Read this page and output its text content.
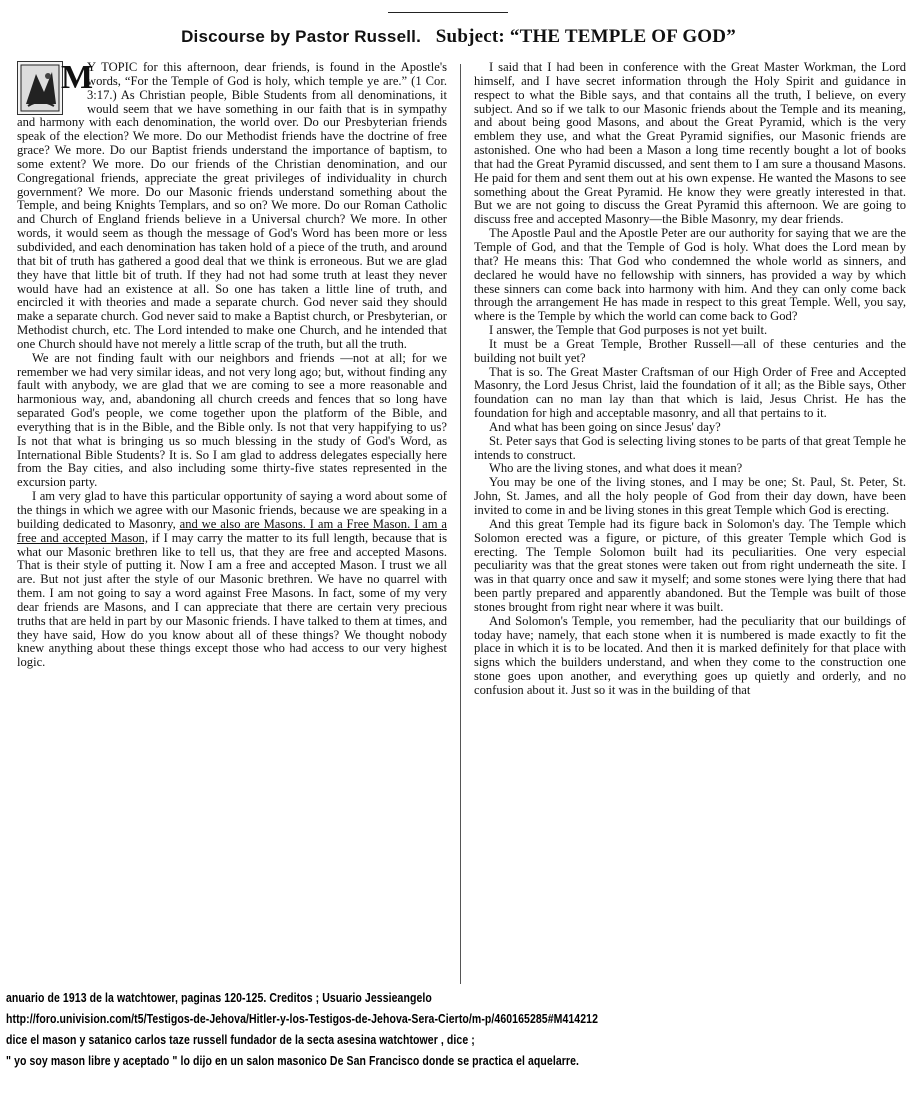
Discourse by Pastor Russell. Subject: “THE TEMPLE OF GOD”
M

Y TOPIC for this afternoon, dear friends, is found in the Apostle's words, “For the Temple of God is holy, which temple ye are.” (1 Cor. 3:17.) As Christian people, Bible Students from all denominations, it would seem that we have something in our faith that is in sympathy and harmony with each denomination, the world over. Do our Presbyterian friends speak of the election? We more. Do our Methodist friends have the doctrine of free grace? We more. Do our Baptist friends understand the importance of baptism, to some extent? We more. Do our friends of the Christian denomination, and our Congregational friends, appreciate the great privileges of individuality in church government? We more. Do our Masonic friends understand something about the Temple, and being Knights Templars, and so on? We more. Do our Roman Catholic and Church of England friends believe in a Universal church? We more. In other words, it would seem as though the message of God's Word has been more or less subdivided, and each denomination has taken hold of a piece of the truth, and around that bit of truth has gathered a good deal that we think is erroneous. But we are glad they have that little bit of truth. If they had not had some truth at least they never would have had an existence at all. So one has taken a little line of truth, and encircled it with theories and made a separate church. God never said they should make a separate church. God never said to make a Baptist church, or Presbyterian, or Methodist church, etc. The Lord intended to make one Church, and he intended that one Church should have not merely a little scrap of the truth, but all the truth.

We are not finding fault with our neighbors and friends —not at all; for we remember we had very similar ideas, and not very long ago; but, without finding any fault with anybody, we are glad that we are coming to see a more reasonable and harmonious way, and, abandoning all church creeds and fences that so long have separated God's people, we come together upon the platform of the Bible, and everything that is in the Bible, and the Bible only. Is not that very happifying to us? Is not that what is bringing us so much blessing in the study of God's Word, as International Bible Students? It is. So I am glad to address delegates especially here from the Bay cities, and also including some thirty-five states represented in the excursion party.

I am very glad to have this particular opportunity of saying a word about some of the things in which we agree with our Masonic friends, because we are speaking in a building dedicated to Masonry, and we also are Masons. I am a Free Mason. I am a free and accepted Mason, if I may carry the matter to its full length, because that is what our Masonic brethren like to tell us, that they are free and accepted Masons. That is their style of putting it. Now I am a free and accepted Mason. I trust we all are. But not just after the style of our Masonic brethren. We have no quarrel with them. I am not going to say a word against Free Masons. In fact, some of my very dear friends are Masons, and I can appreciate that there are certain very precious truths that are held in part by our Masonic friends. I have talked to them at times, and they have said, How do you know about all of these things? We thought nobody knew anything about these things except those who had access to our very highest logic.

I said that I had been in conference with the Great Master Workman, the Lord himself, and I have secret information through the Holy Spirit and guidance in respect to what the Bible says, and that contains all the truth, I believe, on every subject. And so if we talk to our Masonic friends about the Temple and its meaning, and about being good Masons, and about the Great Pyramid, which is the very emblem they use, and what the Great Pyramid signifies, our Masonic friends are astonished. One who had been a Mason a long time recently bought a lot of books that had the Great Pyramid discussed, and sent them to I am sure a thousand Masons. He paid for them and sent them out at his own expense. He wanted the Masons to see something about the Great Pyramid. He know they were greatly interested in that. But we are not going to discuss the Great Pyramid this afternoon. We are going to discuss free and accepted Masonry—the Bible Masonry, my dear friends.

The Apostle Paul and the Apostle Peter are our authority for saying that we are the Temple of God, and that the Temple of God is holy. What does the Lord mean by that? He means this: That God who condemned the whole world as sinners, and declared he would have no fellowship with sinners, has provided a way by which these sinners can come back into harmony with him. And they can only come back through the arrangement He has made in respect to this great Temple. Well, you say, where is the Temple by which the world can come back to God?

I answer, the Temple that God purposes is not yet built.

It must be a Great Temple, Brother Russell—all of these centuries and the building not built yet?

That is so. The Great Master Craftsman of our High Order of Free and Accepted Masonry, the Lord Jesus Christ, laid the foundation of it all; as the Bible says, Other foundation can no man lay than that which is laid, Jesus Christ. He has the foundation for high and acceptable masonry, and all that pertains to it.

And what has been going on since Jesus' day?

St. Peter says that God is selecting living stones to be parts of that great Temple he intends to construct.

Who are the living stones, and what does it mean?

You may be one of the living stones, and I may be one; St. Paul, St. Peter, St. John, St. James, and all the holy people of God from their day down, have been invited to come in and be living stones in this great Temple which God is erecting.

And this great Temple had its figure back in Solomon's day. The Temple which Solomon erected was a figure, or picture, of this greater Temple which God is erecting. The Temple Solomon built had its peculiarities. One very especial peculiarity was that the great stones were taken out from right underneath the site. I was in that quarry once and saw it myself; and some stones were lying there that had been partly prepared and apparently abandoned. But the Temple was built of those stones brought from right near where it was built.

And Solomon's Temple, you remember, had the peculiarity that our buildings of today have; namely, that each stone when it is numbered is made exactly to fit the place in which it is to be located. And then it is marked definitely for that place with signs which the builders understand, and when they come to the construction one stone goes upon another, and everything goes up quietly and orderly, and no confusion about it. Just so it was in the building of that

anuario de 1913 de la watchtower, paginas 120-125. Creditos ; Usuario Jessieangelo
http://foro.univision.com/t5/Testigos-de-Jehova/Hitler-y-los-Testigos-de-Jehova-Sera-Cierto/m-p/460165285#M414212
dice el mason y satanico carlos taze russell fundador de la secta asesina watchtower , dice ;
" yo soy mason libre y aceptado " lo dijo en un salon masonico De San Francisco donde se practica el aquelarre.
